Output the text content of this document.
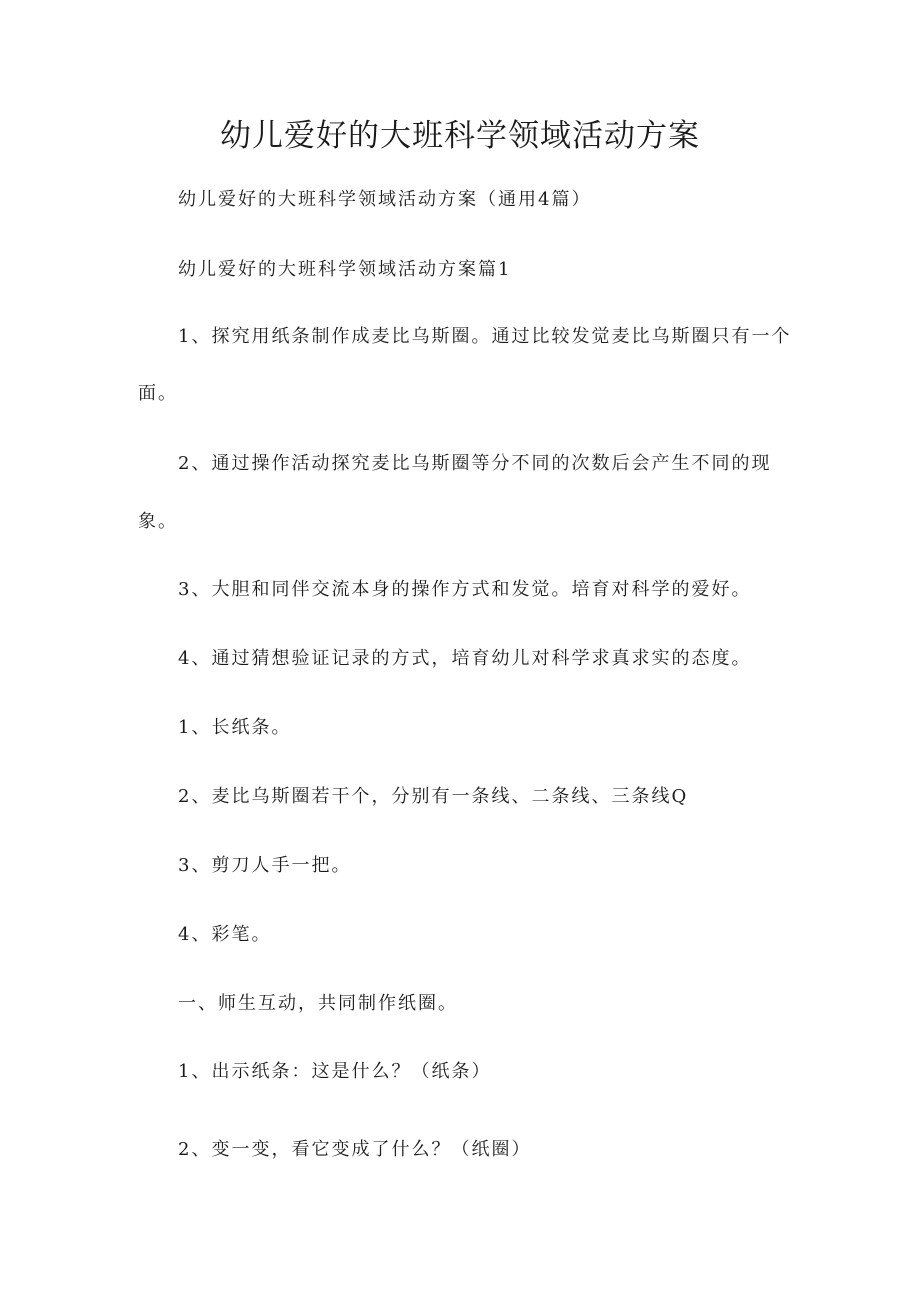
幼儿爱好的大班科学领域活动方案

幼儿爱好的大班科学领域活动方案（通用4篇）

幼儿爱好的大班科学领域活动方案篇1

1、探究用纸条制作成麦比乌斯圈。通过比较发觉麦比乌斯圈只有一个

面。

2、通过操作活动探究麦比乌斯圈等分不同的次数后会产生不同的现

象。

3、大胆和同伴交流本身的操作方式和发觉。培育对科学的爱好。

4、通过猜想验证记录的方式，培育幼儿对科学求真求实的态度。

1、长纸条。

2、麦比乌斯圈若干个，分别有一条线、二条线、三条线Q

3、剪刀人手一把。

4、彩笔。

一、师生互动，共同制作纸圈。

1、出示纸条：这是什么？（纸条）

2、变一变，看它变成了什么？（纸圈）
